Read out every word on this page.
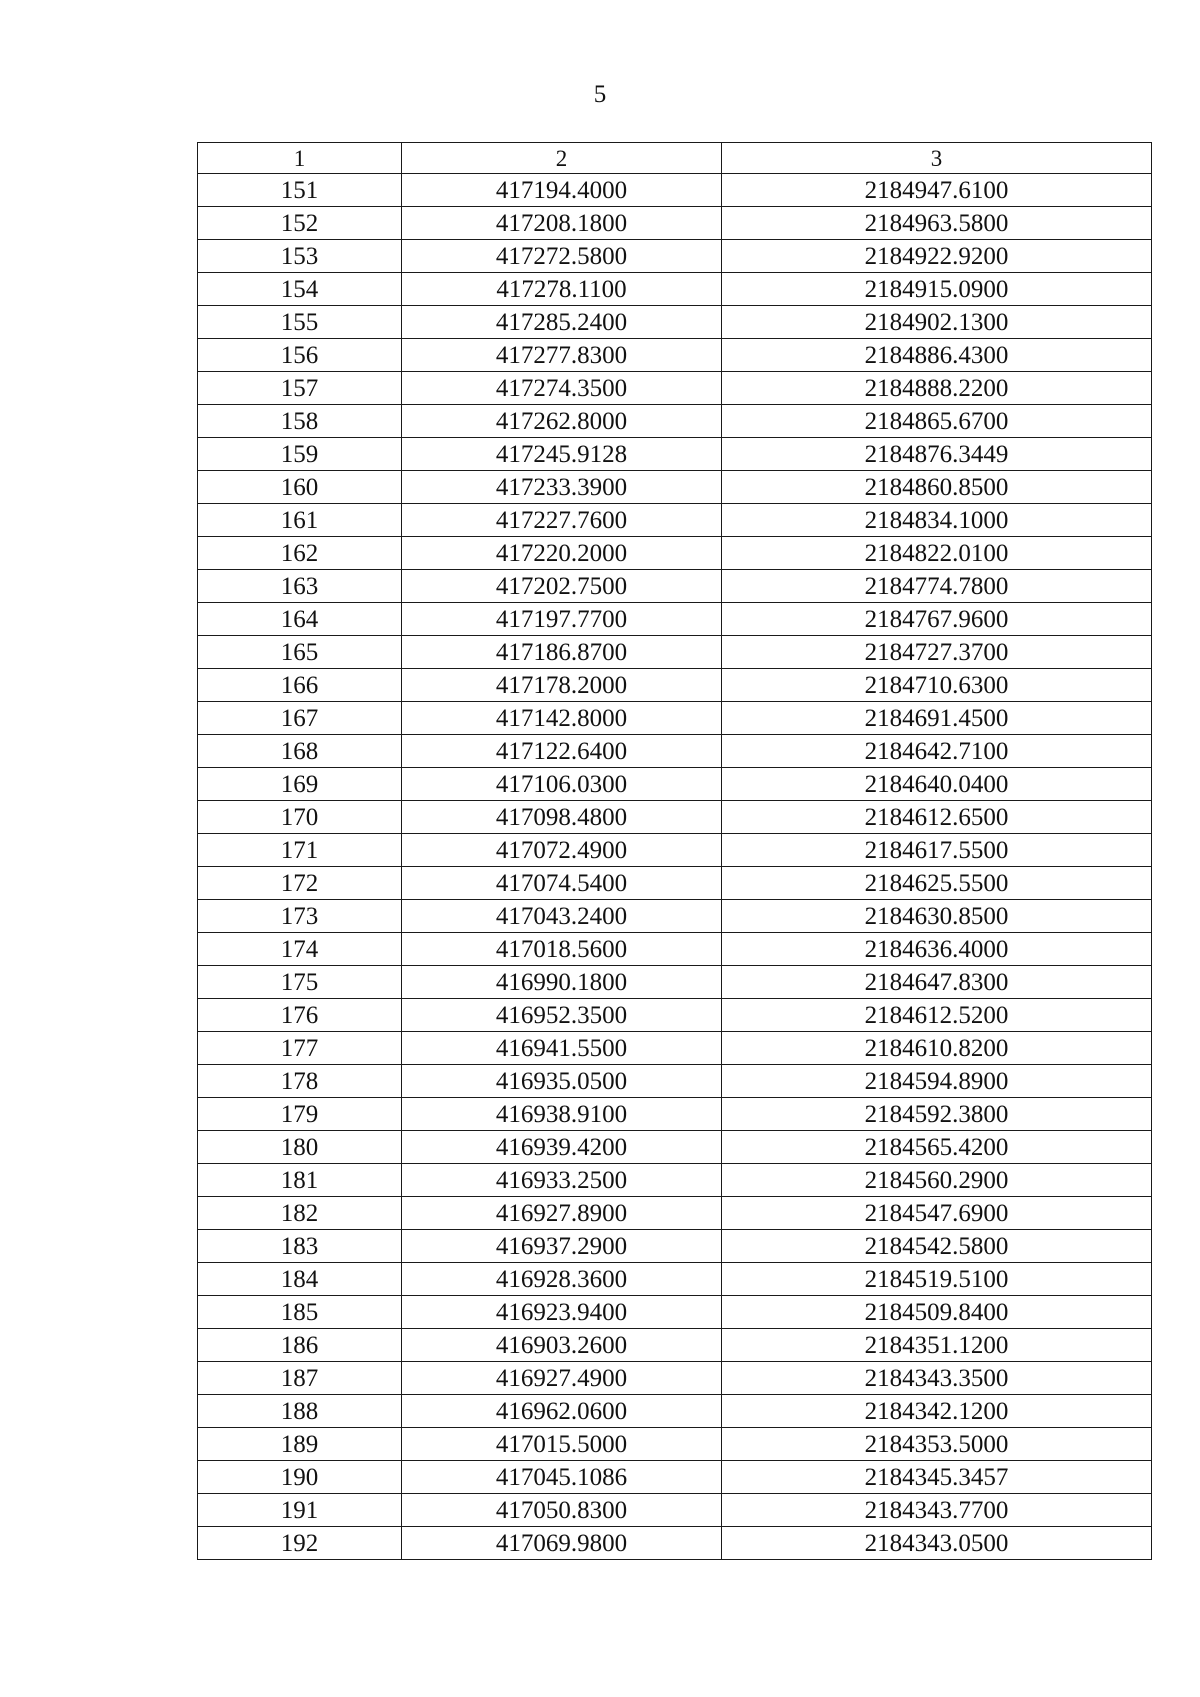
5
1	2	3
151	417194.4000	2184947.6100
152	417208.1800	2184963.5800
153	417272.5800	2184922.9200
154	417278.1100	2184915.0900
155	417285.2400	2184902.1300
156	417277.8300	2184886.4300
157	417274.3500	2184888.2200
158	417262.8000	2184865.6700
159	417245.9128	2184876.3449
160	417233.3900	2184860.8500
161	417227.7600	2184834.1000
162	417220.2000	2184822.0100
163	417202.7500	2184774.7800
164	417197.7700	2184767.9600
165	417186.8700	2184727.3700
166	417178.2000	2184710.6300
167	417142.8000	2184691.4500
168	417122.6400	2184642.7100
169	417106.0300	2184640.0400
170	417098.4800	2184612.6500
171	417072.4900	2184617.5500
172	417074.5400	2184625.5500
173	417043.2400	2184630.8500
174	417018.5600	2184636.4000
175	416990.1800	2184647.8300
176	416952.3500	2184612.5200
177	416941.5500	2184610.8200
178	416935.0500	2184594.8900
179	416938.9100	2184592.3800
180	416939.4200	2184565.4200
181	416933.2500	2184560.2900
182	416927.8900	2184547.6900
183	416937.2900	2184542.5800
184	416928.3600	2184519.5100
185	416923.9400	2184509.8400
186	416903.2600	2184351.1200
187	416927.4900	2184343.3500
188	416962.0600	2184342.1200
189	417015.5000	2184353.5000
190	417045.1086	2184345.3457
191	417050.8300	2184343.7700
192	417069.9800	2184343.0500
